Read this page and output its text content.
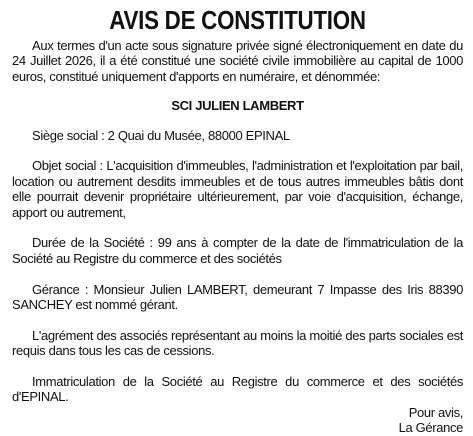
AVIS DE CONSTITUTION

Aux termes d'un acte sous signature privée signé électroniquement en date du 24 Juillet 2026, il a été constitué une société civile immobilière au capital de 1000 euros, constitué uniquement d'apports en numéraire, et dénommée:

SCI JULIEN LAMBERT

Siège social : 2 Quai du Musée, 88000 EPINAL

Objet social : L'acquisition d'immeubles, l'administration et l'exploitation par bail, location ou autrement desdits immeubles et de tous autres immeubles bâtis dont elle pourrait devenir propriétaire ultérieurement, par voie d'acquisition, échange, apport ou autrement,

Durée de la Société : 99 ans à compter de la date de l'immatriculation de la Société au Registre du commerce et des sociétés

Gérance : Monsieur Julien LAMBERT, demeurant 7 Impasse des Iris 88390 SANCHEY est nommé gérant.

L'agrément des associés représentant au moins la moitié des parts sociales est requis dans tous les cas de cessions.

Immatriculation de la Société au Registre du commerce et des sociétés d'EPINAL.
Pour avis,
La Gérance
